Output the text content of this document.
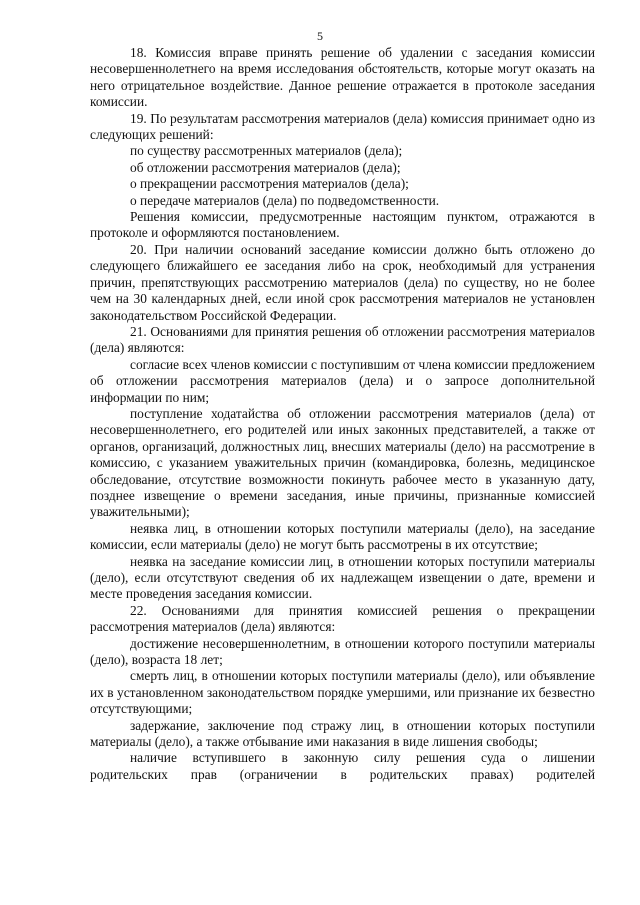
5

18. Комиссия вправе принять решение об удалении с заседания комиссии несовершеннолетнего на время исследования обстоятельств, которые могут оказать на него отрицательное воздействие. Данное решение отражается в протоколе заседания комиссии.

19. По результатам рассмотрения материалов (дела) комиссия принимает одно из следующих решений:

по существу рассмотренных материалов (дела);

об отложении рассмотрения материалов (дела);

о прекращении рассмотрения материалов (дела);

о передаче материалов (дела) по подведомственности.

Решения комиссии, предусмотренные настоящим пунктом, отражаются в протоколе и оформляются постановлением.

20. При наличии оснований заседание комиссии должно быть отложено до следующего ближайшего ее заседания либо на срок, необходимый для устранения причин, препятствующих рассмотрению материалов (дела) по существу, но не более чем на 30 календарных дней, если иной срок рассмотрения материалов не установлен законодательством Российской Федерации.

21. Основаниями для принятия решения об отложении рассмотрения материалов (дела) являются:

согласие всех членов комиссии с поступившим от члена комиссии предложением об отложении рассмотрения материалов (дела) и о запросе дополнительной информации по ним;

поступление ходатайства об отложении рассмотрения материалов (дела) от несовершеннолетнего, его родителей или иных законных представителей, а также от органов, организаций, должностных лиц, внесших материалы (дело) на рассмотрение в комиссию, с указанием уважительных причин (командировка, болезнь, медицинское обследование, отсутствие возможности покинуть рабочее место в указанную дату, позднее извещение о времени заседания, иные причины, признанные комиссией уважительными);

неявка лиц, в отношении которых поступили материалы (дело), на заседание комиссии, если материалы (дело) не могут быть рассмотрены в их отсутствие;

неявка на заседание комиссии лиц, в отношении которых поступили материалы (дело), если отсутствуют сведения об их надлежащем извещении о дате, времени и месте проведения заседания комиссии.

22. Основаниями для принятия комиссией решения о прекращении рассмотрения материалов (дела) являются:

достижение несовершеннолетним, в отношении которого поступили материалы (дело), возраста 18 лет;

смерть лиц, в отношении которых поступили материалы (дело), или объявление их в установленном законодательством порядке умершими, или признание их безвестно отсутствующими;

задержание, заключение под стражу лиц, в отношении которых поступили материалы (дело), а также отбывание ими наказания в виде лишения свободы;

наличие вступившего в законную силу решения суда о лишении

родительских прав (ограничении в родительских правах) родителей
